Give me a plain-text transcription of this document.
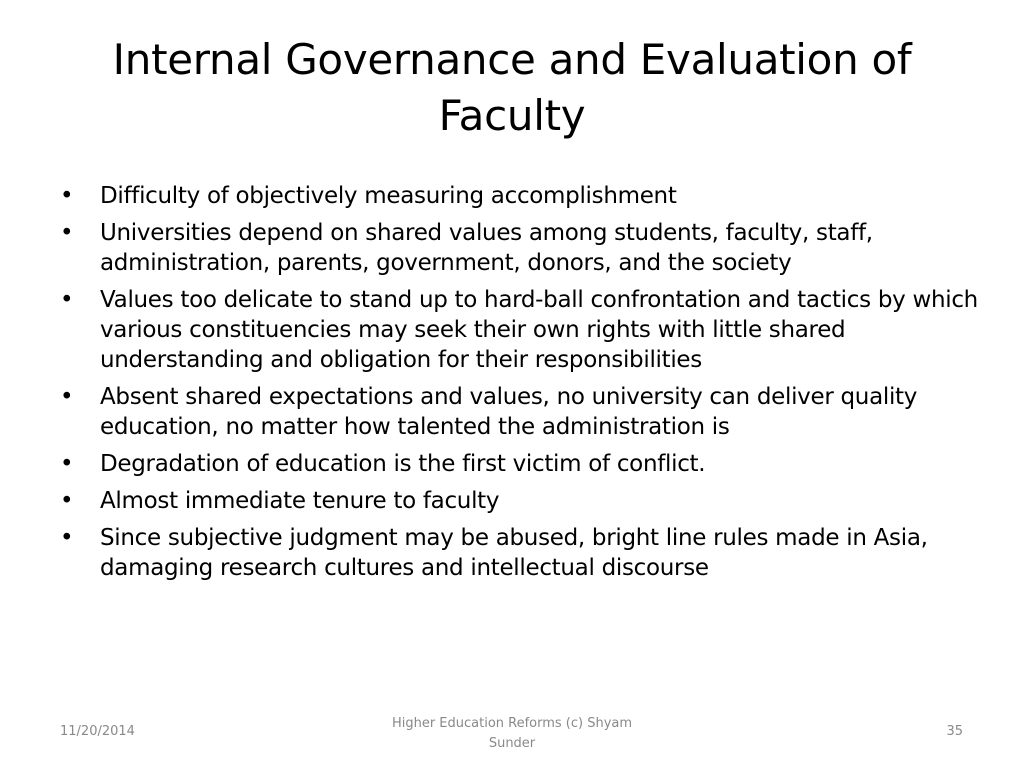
Internal Governance and Evaluation of Faculty
•	Difficulty of objectively measuring accomplishment
•	Universities depend on shared values among students, faculty, staff, administration, parents, government, donors, and the society
•	Values too delicate to stand up to hard-ball confrontation and tactics by which various constituencies may seek their own rights with little shared understanding and obligation for their responsibilities
•	Absent shared expectations and values, no university can deliver quality education, no matter how talented the administration is
•	Degradation of education is the first victim of conflict.
•	Almost immediate tenure to faculty
•	Since subjective judgment may be abused, bright line rules made in Asia, damaging research cultures and intellectual discourse
11/20/2014
Higher Education Reforms (c) Shyam Sunder
35
